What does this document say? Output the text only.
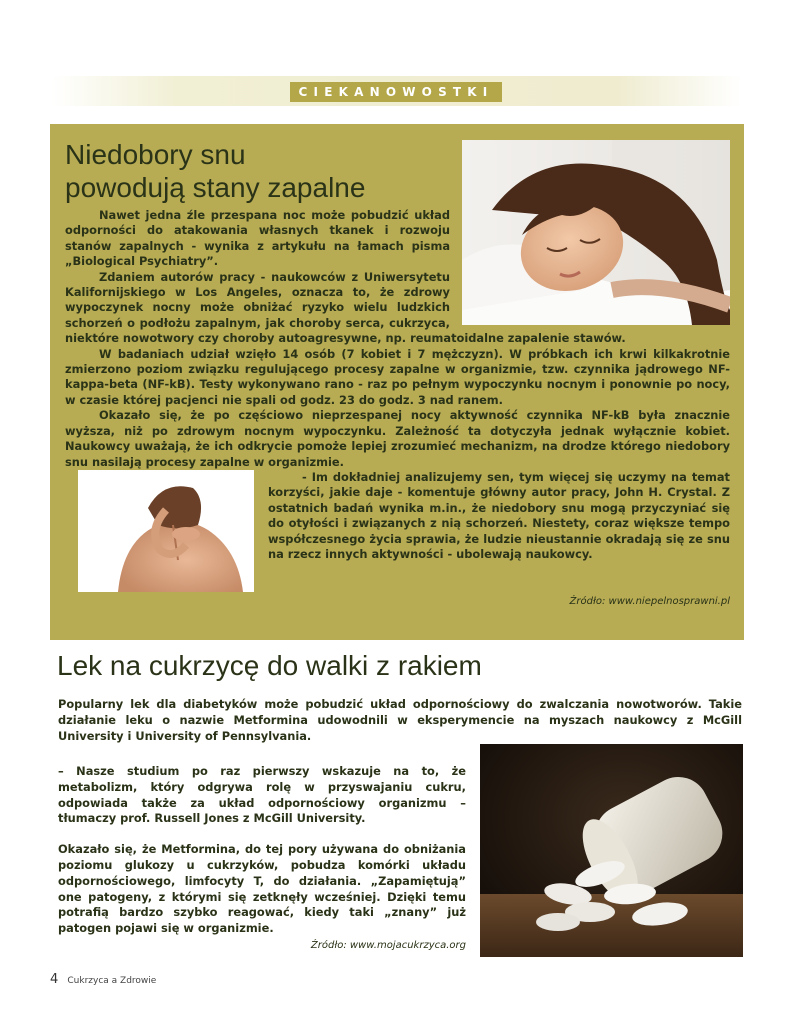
CIEKANOWOSTKI
Niedobory snu
powodują stany zapalne

Nawet jedna źle przespana noc może pobudzić układ odporności do atakowania własnych tkanek i rozwoju stanów zapalnych - wynika z artykułu na łamach pisma „Biological Psychiatry”.

Zdaniem autorów pracy - naukowców z Uniwersytetu Kalifornijskiego w Los Angeles, oznacza to, że zdrowy wypoczynek nocny może obniżać ryzyko wielu ludzkich schorzeń o podłożu zapalnym, jak choroby serca, cukrzyca, niektóre nowotwory czy choroby autoagresywne, np. reumatoidalne zapalenie stawów.

W badaniach udział wzięło 14 osób (7 kobiet i 7 mężczyzn). W próbkach ich krwi kilkakrotnie zmierzono poziom związku regulującego procesy zapalne w organizmie, tzw. czynnika jądrowego NF-kappa-beta (NF-kB). Testy wykonywano rano - raz po pełnym wypoczynku nocnym i ponownie po nocy, w czasie której pacjenci nie spali od godz. 23 do godz. 3 nad ranem.

Okazało się, że po częściowo nieprzespanej nocy aktywność czynnika NF-kB była znacznie wyższa, niż po zdrowym nocnym wypoczynku. Zależność ta dotyczyła jednak wyłącznie kobiet. Naukowcy uważają, że ich odkrycie pomoże lepiej zrozumieć mechanizm, na drodze którego niedobory snu nasilają procesy zapalne w organizmie.

- Im dokładniej analizujemy sen, tym więcej się uczymy na temat korzyści, jakie daje - komentuje główny autor pracy, John H. Crystal. Z ostatnich badań wynika m.in., że niedobory snu mogą przyczyniać się do otyłości i związanych z nią schorzeń. Niestety, coraz większe tempo współczesnego życia sprawia, że ludzie nieustannie okradają się ze snu na rzecz innych aktywności - ubolewają naukowcy.

Źródło: www.niepelnosprawni.pl
Lek na cukrzycę do walki z rakiem

Popularny lek dla diabetyków może pobudzić układ odpornościowy do zwalczania nowotworów. Takie działanie leku o nazwie Metformina udowodnili w eksperymencie na myszach naukowcy z McGill University i University of Pennsylvania.

– Nasze studium po raz pierwszy wskazuje na to, że metabolizm, który odgrywa rolę w przyswajaniu cukru, odpowiada także za układ odpornościowy organizmu – tłumaczy prof. Russell Jones z McGill University.

Okazało się, że Metformina, do tej pory używana do obniżania poziomu glukozy u cukrzyków, pobudza komórki układu odpornościowego, limfocyty T, do działania. „Zapamiętują” one patogeny, z którymi się zetknęły wcześniej. Dzięki temu potrafią bardzo szybko reagować, kiedy taki „znany” już patogen pojawi się w organizmie.

Źródło: www.mojacukrzyca.org
4 Cukrzyca a Zdrowie
